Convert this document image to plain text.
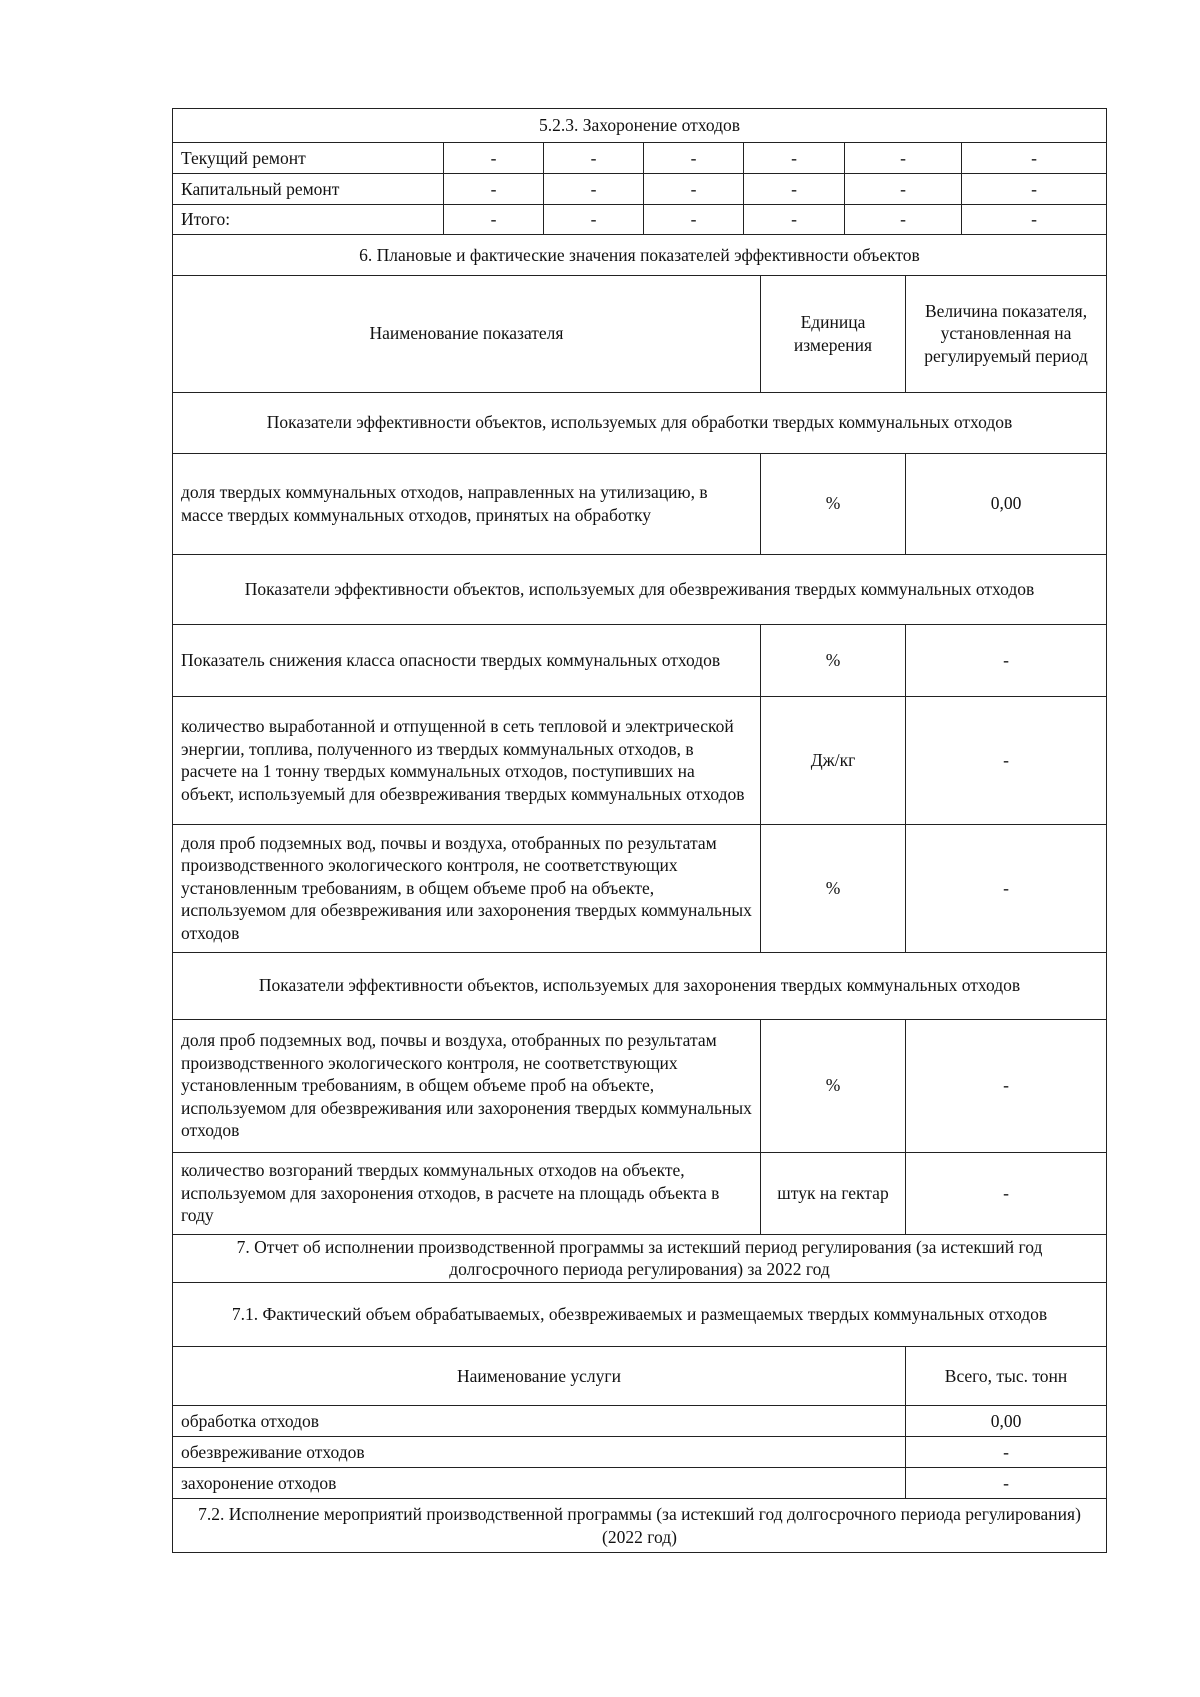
5.2.3. Захоронение отходов						
Текущий ремонт	-	-	-	-	-	-
Капитальный ремонт	-	-	-	-	-	-
Итого:	-	-	-	-	-	-
6. Плановые и фактические значения показателей эффективности объектов		
Наименование показателя	Единица измерения	Величина показателя, установленная на регулируемый период
Показатели эффективности объектов, используемых для обработки твердых коммунальных отходов		
доля твердых коммунальных отходов, направленных на утилизацию, в массе твердых коммунальных отходов, принятых на обработку	%	0,00
Показатели эффективности объектов, используемых для обезвреживания твердых коммунальных отходов		
Показатель снижения класса опасности твердых коммунальных отходов	%	-
количество выработанной и отпущенной в сеть тепловой и электрической энергии, топлива, полученного из твердых коммунальных отходов, в расчете на 1 тонну твердых коммунальных отходов, поступивших на объект, используемый для обезвреживания твердых коммунальных отходов	Дж/кг	-
доля проб подземных вод, почвы и воздуха, отобранных по результатам производственного экологического контроля, не соответствующих установленным требованиям, в общем объеме проб на объекте, используемом для обезвреживания или захоронения твердых коммунальных отходов	%	-
Показатели эффективности объектов, используемых для захоронения твердых коммунальных отходов		
доля проб подземных вод, почвы и воздуха, отобранных по результатам производственного экологического контроля, не соответствующих установленным требованиям, в общем объеме проб на объекте, используемом для обезвреживания или захоронения твердых коммунальных отходов	%	-
количество возгораний твердых коммунальных отходов на объекте, используемом для захоронения отходов, в расчете на площадь объекта в году	штук на гектар	-
7. Отчет об исполнении производственной программы за истекший период регулирования (за истекший год долгосрочного периода регулирования) за 2022 год	
7.1. Фактический объем обрабатываемых, обезвреживаемых и размещаемых твердых коммунальных отходов	
Наименование услуги	Всего, тыс. тонн
обработка отходов	0,00
обезвреживание отходов	-
захоронение отходов	-
7.2. Исполнение мероприятий производственной программы (за истекший год долгосрочного периода регулирования) (2022 год)	
